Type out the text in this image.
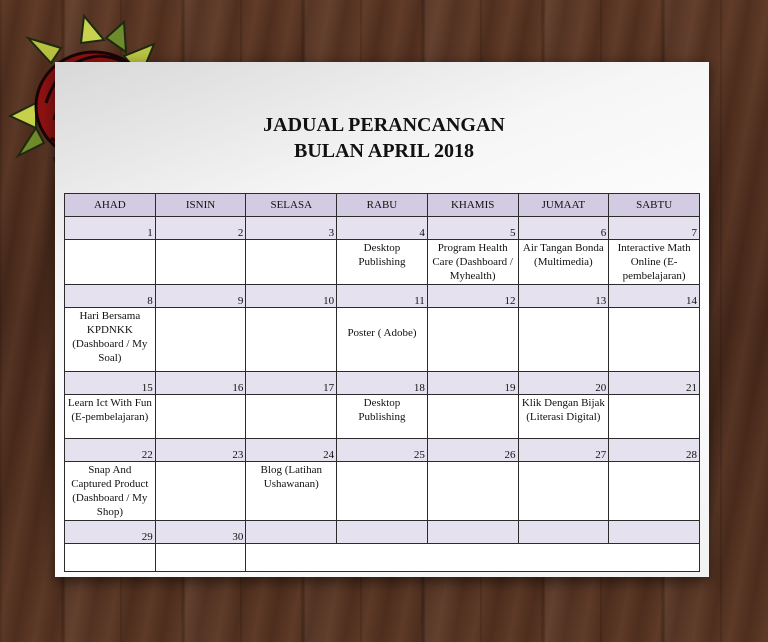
JADUAL PERANCANGAN
BULAN APRIL 2018
AHAD	ISNIN	SELASA	RABU	KHAMIS	JUMAAT	SABTU
1	2	3	4	5	6	7
			Desktop Publishing	Program Health Care (Dashboard / Myhealth)	Air Tangan Bonda (Multimedia)	Interactive Math Online (E-pembelajaran)
8	9	10	11	12	13	14
Hari Bersama KPDNKK (Dashboard / My Soal)			Poster ( Adobe)			
15	16	17	18	19	20	21
Learn Ict With Fun (E-pembelajaran)			Desktop Publishing		Klik Dengan Bijak (Literasi Digital)	
22	23	24	25	26	27	28
Snap And Captured Product (Dashboard / My Shop)		Blog (Latihan Ushawanan)				
29	30					
